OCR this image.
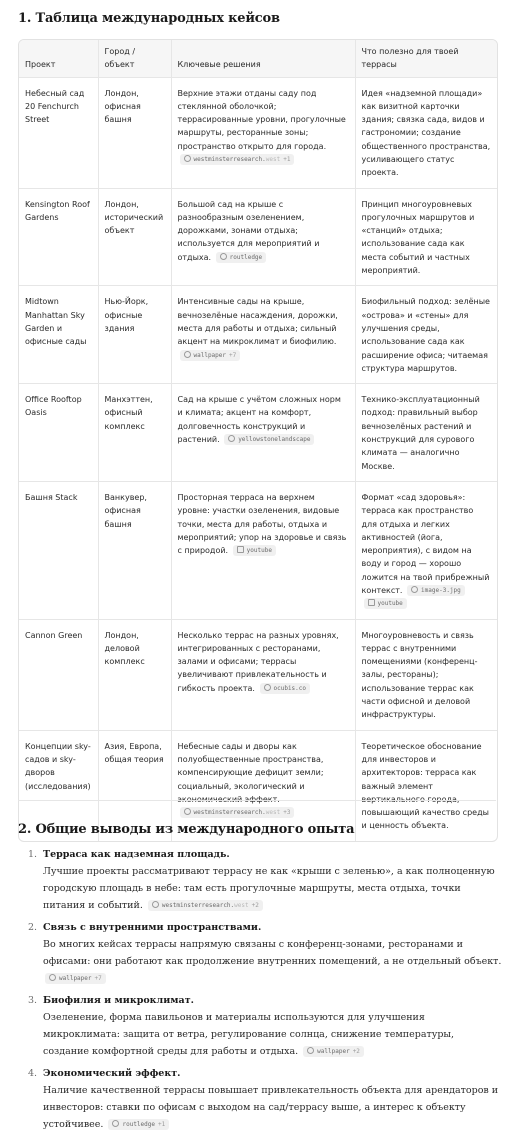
1. Таблица международных кейсов
Проект	Город / объект	Ключевые решения	Что полезно для твоей террасы
Небесный сад 20 Fenchurch Street	Лондон, офисная башня	Верхние этажи отданы саду под стеклянной оболочкой; террасированные уровни, прогулочные маршруты, ресторанные зоны; пространство открыто для города. westminsterresearch.west +1	Идея «надземной площади» как визитной карточки здания; связка сада, видов и гастрономии; создание общественного пространства, усиливающего статус проекта.
Kensington Roof Gardens	Лондон, исторический объект	Большой сад на крыше с разнообразным озеленением, дорожками, зонами отдыха; используется для мероприятий и отдыха. routledge	Принцип многоуровневых прогулочных маршрутов и «станций» отдыха; использование сада как места событий и частных мероприятий.
Midtown Manhattan Sky Garden и офисные сады	Нью-Йорк, офисные здания	Интенсивные сады на крыше, вечнозелёные насаждения, дорожки, места для работы и отдыха; сильный акцент на микроклимат и биофилию. wallpaper +7	Биофильный подход: зелёные «острова» и «стены» для улучшения среды, использование сада как расширение офиса; читаемая структура маршрутов.
Office Rooftop Oasis	Манхэттен, офисный комплекс	Сад на крыше с учётом сложных норм и климата; акцент на комфорт, долговечность конструкций и растений. yellowstonelandscape	Технико-эксплуатационный подход: правильный выбор вечнозелёных растений и конструкций для сурового климата — аналогично Москве.
Башня Stack	Ванкувер, офисная башня	Просторная терраса на верхнем уровне: участки озеленения, видовые точки, места для работы, отдыха и мероприятий; упор на здоровье и связь с природой. youtube	Формат «сад здоровья»: терраса как пространство для отдыха и легких активностей (йога, мероприятия), с видом на воду и город — хорошо ложится на твой прибрежный контекст. image-3.jpg
youtube
Cannon Green	Лондон, деловой комплекс	Несколько террас на разных уровнях, интегрированных с ресторанами, залами и офисами; террасы увеличивают привлекательность и гибкость проекта. ocubis.co	Многоуровневость и связь террас с внутренними помещениями (конференц-залы, рестораны); использование террас как части офисной и деловой инфраструктуры.
Концепции sky-садов и sky-дворов (исследования)	Азия, Европа, общая теория	Небесные сады и дворы как полуобщественные пространства, компенсирующие дефицит земли; социальный, экологический и westminsterresearch.west +3	Теоретическое обоснование для инвесторов и архитекторов: терраса как важный элемент повышающий качество среды и ценность объекта.
2. Общие выводы из международного опыта
1. Терраса как надземная площадь.
Лучшие проекты рассматривают террасу не как «крыши с зеленью», а как полноценную городскую площадь в небе: там есть прогулочные маршруты, места отдыха, точки питания и событий.	westminsterresearch.west +2
2. Связь с внутренними пространствами.
Во многих кейсах террасы напрямую связаны с конференц-зонами, ресторанами и офисами: они работают как продолжение внутренних помещений, а не отдельный объект. wallpaper +7
3. Биофилия и микроклимат.
Озеленение, форма павильонов и материалы используются для улучшения микроклимата: защита от ветра, регулирование солнца, снижение температуры, создание комфортной среды для работы и отдыха.	wallpaper +2
4. Экономический эффект.
Наличие качественной террасы повышает привлекательность объекта для арендаторов и инвесторов: ставки по офисам с выходом на сад/террасу выше, а интерес к объекту устойчивее.	routledge +1
